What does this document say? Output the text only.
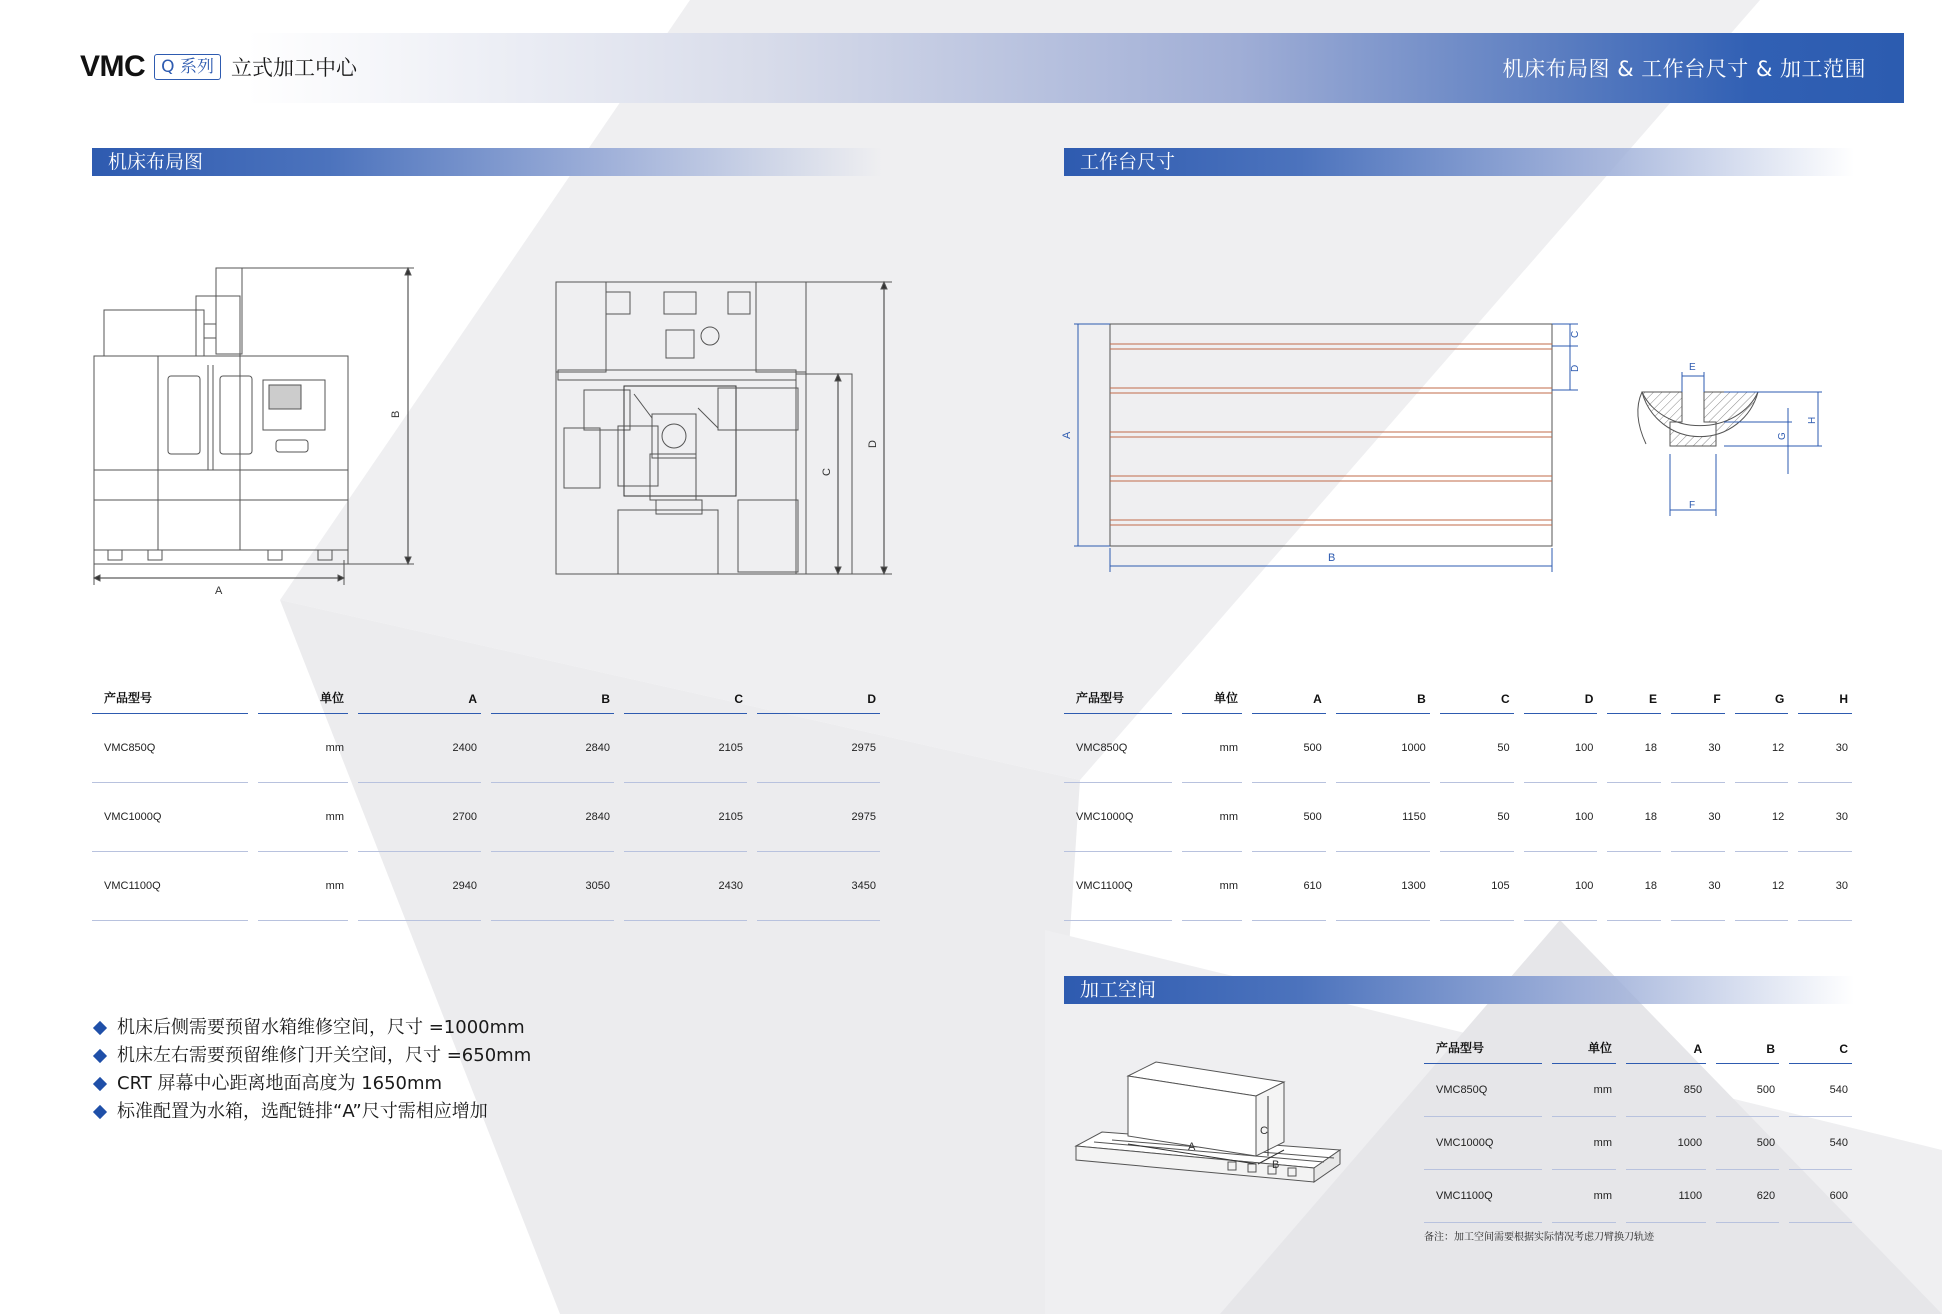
VMC Q 系列 立式加工中心	机床布局图 & 工作台尺寸 & 加工范围
机床布局图	工作台尺寸
加工空间
A
B
C
D
A
B
C
D	E
F
G
H
A
C
B
产品型号	单位	A	B	C	D
VMC850Q	mm	2400	2840	2105	2975
VMC1000Q	mm	2700	2840	2105	2975
VMC1100Q	mm	2940	3050	2430	3450
产品型号	单位	A	B	C	D	E	F	G	H
VMC850Q	mm	500	1000	50	100	18	30	12	30
VMC1000Q	mm	500	1150	50	100	18	30	12	30
VMC1100Q	mm	610	1300	105	100	18	30	12	30
产品型号	单位	A	B	C
VMC850Q	mm	850	500	540
VMC1000Q	mm	1000	500	540
VMC1100Q	mm	1100	620	600
备注：加工空间需要根据实际情况考虑刀臂换刀轨迹
机床后侧需要预留水箱维修空间，尺寸 =1000mm
机床左右需要预留维修门开关空间，尺寸 =650mm
CRT 屏幕中心距离地面高度为 1650mm
标准配置为水箱，选配链排“A”尺寸需相应增加
